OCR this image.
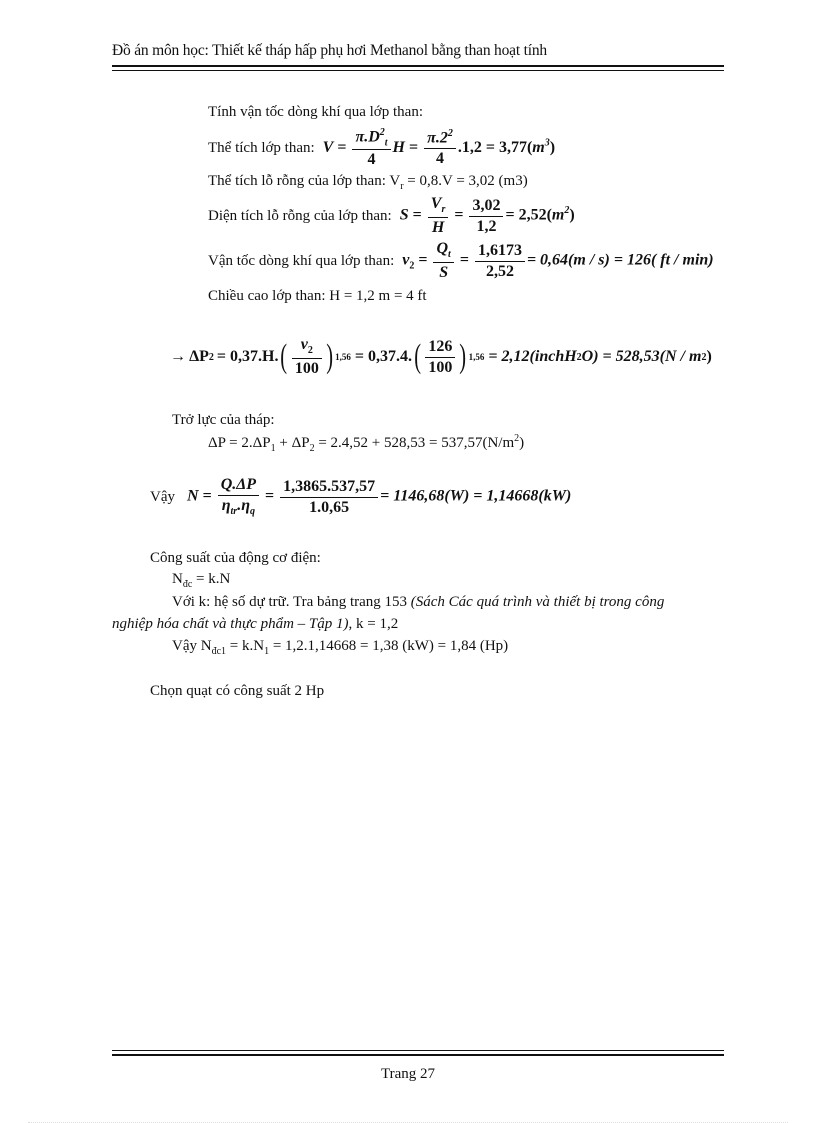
Đồ án môn học: Thiết kế tháp hấp phụ hơi Methanol bằng than hoạt tính
Tính vận tốc dòng khí qua lớp than:
Thể tích lớp than: $V = \frac{\pi.D^2_t}{4}$ $H = \frac{\pi.2^2}{4} .1,2 = 3,77(m^3)$
Thể tích lỗ rỗng của lớp than: $V_r = 0,8.V = 3,02$ (m3)
Diện tích lỗ rỗng của lớp than: $S = \frac{V_r}{H} = \frac{3,02}{1,2} = 2,52(m^2)$
Vận tốc dòng khí qua lớp than: $v_2 = \frac{Q_t}{S} = \frac{1,6173}{2,52} = 0,64(m / s) = 126$( ft / min)
Chiều cao lớp than: H = 1,2 m = 4 ft
→ ΔP 2 = 0,37.H. ( $\frac{v_2}{100}$ ) 1,56 = 0,37.4. ( $\frac{126}{100}$ ) 1,56 = 2,12(inchH 2 O) = 528,53(N / m 2 )
Trở lực của tháp:
$\Delta P = 2.\Delta P_1 + \Delta P_2 = 2.4,52 + 528,53 = 537,57(N/m^2)$
Vậy $N = \frac{Q.\Delta P}{\eta_{tr}.\eta_q} = \frac{1,3865.537,57}{1.0,65} = 1146,68(W) = 1,14668(kW)$
Công suất của động cơ điện:
$N_{đc} = k.N$
Với k: hệ số dự trữ. Tra bảng trang 153 (Sách Các quá trình và thiết bị trong công
nghiệp hóa chất và thực phẩm – Tập 1), k = 1,2
Vậy $N_{đc1} = k.N_1 = 1,2.1,14668 = 1,38$ (kW) = 1,84 (Hp)
Chọn quạt có công suất 2 Hp
Trang 27
